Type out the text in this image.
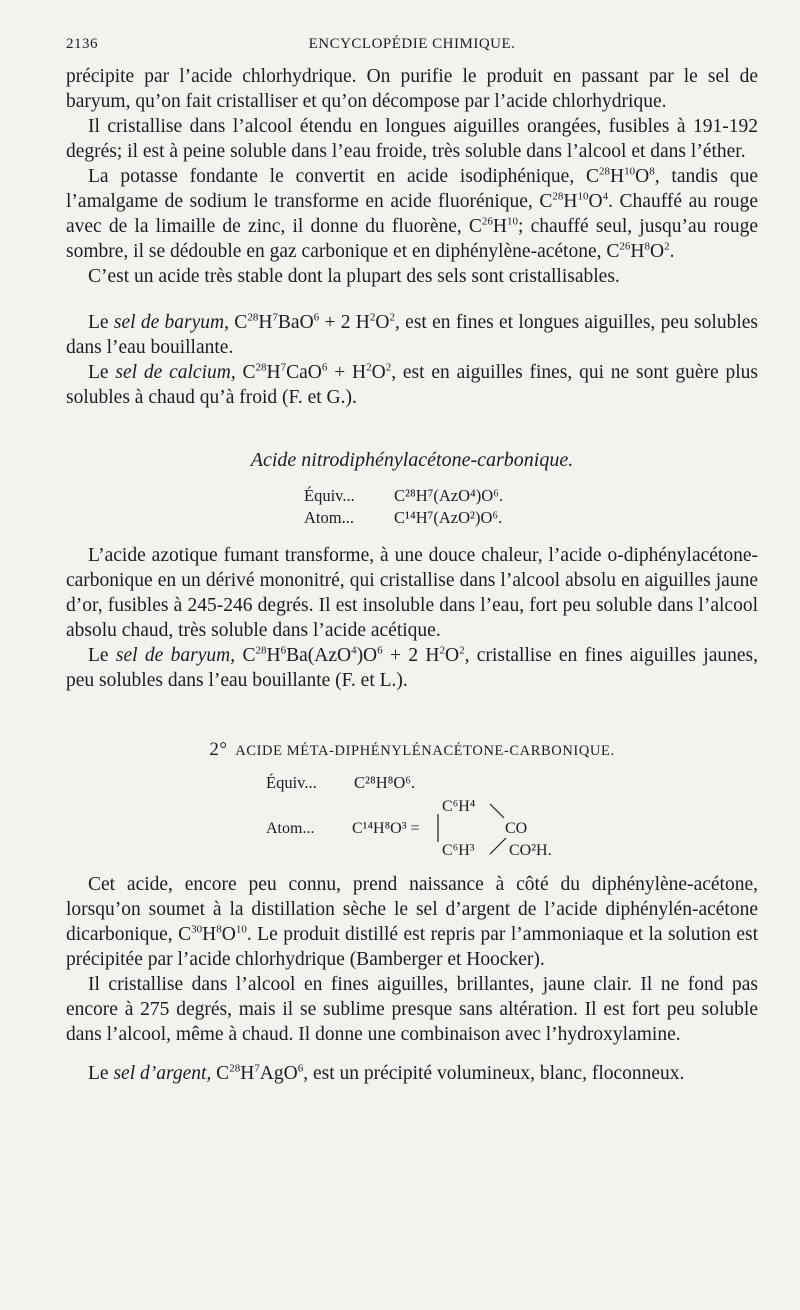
2136	ENCYCLOPÉDIE CHIMIQUE.

précipite par l’acide chlorhydrique. On purifie le produit en passant par le sel de baryum, qu’on fait cristalliser et qu’on décompose par l’acide chlorhydrique.

Il cristallise dans l’alcool étendu en longues aiguilles orangées, fusibles à 191-192 degrés; il est à peine soluble dans l’eau froide, très soluble dans l’alcool et dans l’éther.

La potasse fondante le convertit en acide isodiphénique, $C^{28}H^{10}O^8$, tandis que l’amalgame de sodium le transforme en acide fluorénique, $C^{28}H^{10}O^4$. Chauffé au rouge avec de la limaille de zinc, il donne du fluorène, $C^{26}H^{10}$; chauffé seul, jusqu’au rouge sombre, il se dédouble en gaz carbonique et en diphénylène-acétone, $C^{26}H^8O^2$.

C’est un acide très stable dont la plupart des sels sont cristallisables.

Le sel de baryum, $C^{28}H^7BaO^6 + 2$ $H^2O^2$, est en fines et longues aiguilles, peu solubles dans l’eau bouillante.

Le sel de calcium, $C^{28}H^7CaO^6 + H^2O^2$, est en aiguilles fines, qui ne sont guère plus solubles à chaud qu’à froid (F. et G.).

Acide nitrodiphénylacétone-carbonique.
Équiv... C²⁸H⁷(AzO⁴)O⁶.
Atom... C¹⁴H⁷(AzO²)O⁶.

L’acide azotique fumant transforme, à une douce chaleur, l’acide o-diphénylacétone-carbonique en un dérivé mononitré, qui cristallise dans l’alcool absolu en aiguilles jaune d’or, fusibles à 245-246 degrés. Il est insoluble dans l’eau, fort peu soluble dans l’alcool absolu chaud, très soluble dans l’acide acétique.

Le sel de baryum, $C^{28}H^6Ba(AzO^4)O^6 + 2$ $H^2O^2$, cristallise en fines aiguilles jaunes, peu solubles dans l’eau bouillante (F. et L.).

2° ACIDE MÉTA-DIPHÉNYLÉNACÉTONE-CARBONIQUE.
Équiv... C²⁸H⁸O⁶.
Atom... C¹⁴H⁸O³ =
C⁶H⁴
C⁶H³
CO
CO²H.

Cet acide, encore peu connu, prend naissance à côté du diphénylène-acétone, lorsqu’on soumet à la distillation sèche le sel d’argent de l’acide diphénylén-acétone dicarbonique, $C^{30}H^8O^{10}$. Le produit distillé est repris par l’ammoniaque et la solution est précipitée par l’acide chlorhydrique (Bamberger et Hoocker).

Il cristallise dans l’alcool en fines aiguilles, brillantes, jaune clair. Il ne fond pas encore à 275 degrés, mais il se sublime presque sans altération. Il est fort peu soluble dans l’alcool, même à chaud. Il donne une combinaison avec l’hydroxylamine.

Le sel d’argent, $C^{28}H^7AgO^6$, est un précipité volumineux, blanc, floconneux.
